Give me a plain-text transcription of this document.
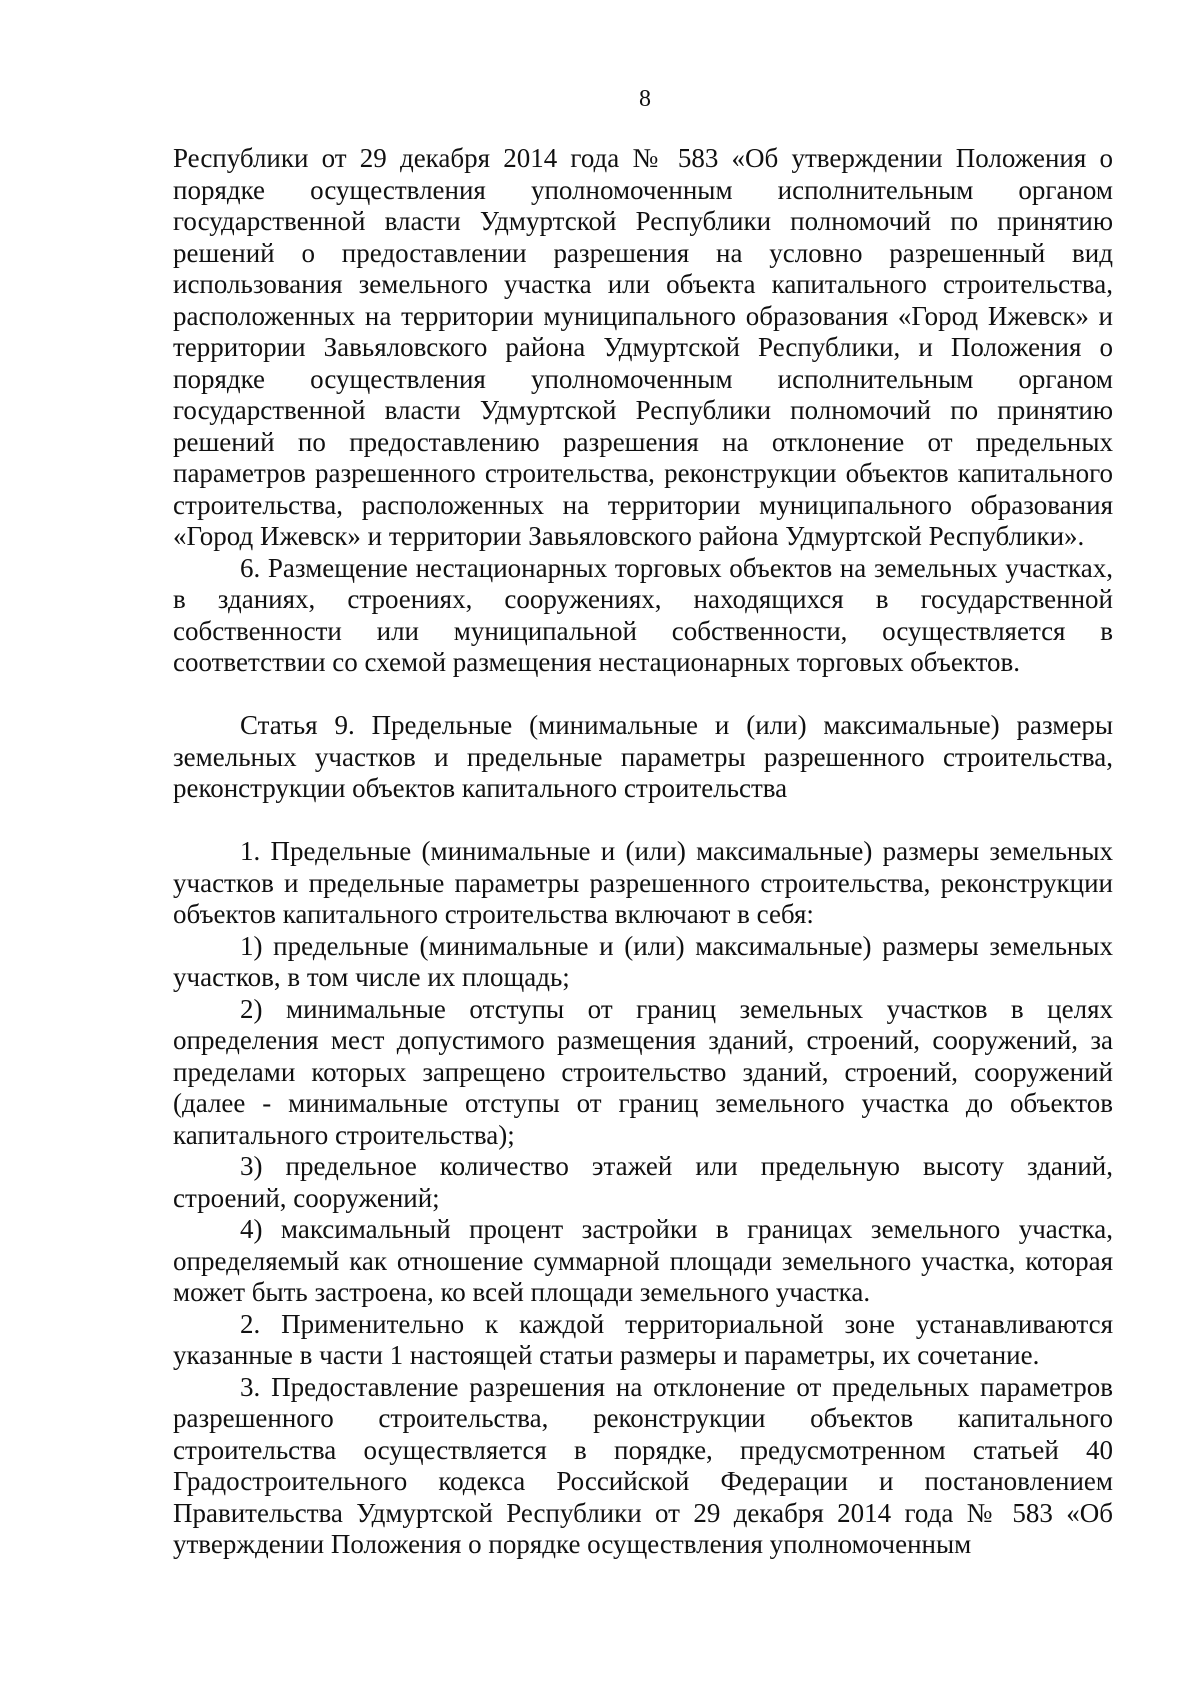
8

Республики от 29 декабря 2014 года № 583 «Об утверждении Положения о порядке осуществления уполномоченным исполнительным органом государственной власти Удмуртской Республики полномочий по принятию решений о предоставлении разрешения на условно разрешенный вид использования земельного участка или объекта капитального строительства, расположенных на территории муниципального образования «Город Ижевск» и территории Завьяловского района Удмуртской Республики, и Положения о порядке осуществления уполномоченным исполнительным органом государственной власти Удмуртской Республики полномочий по принятию решений по предоставлению разрешения на отклонение от предельных параметров разрешенного строительства, реконструкции объектов капитального строительства, расположенных на территории муниципального образования «Город Ижевск» и территории Завьяловского района Удмуртской Республики».

6. Размещение нестационарных торговых объектов на земельных участках, в зданиях, строениях, сооружениях, находящихся в государственной собственности или муниципальной собственности, осуществляется в соответствии со схемой размещения нестационарных торговых объектов.

Статья 9. Предельные (минимальные и (или) максимальные) размеры земельных участков и предельные параметры разрешенного строительства, реконструкции объектов капитального строительства

1. Предельные (минимальные и (или) максимальные) размеры земельных участков и предельные параметры разрешенного строительства, реконструкции объектов капитального строительства включают в себя:

1) предельные (минимальные и (или) максимальные) размеры земельных участков, в том числе их площадь;

2) минимальные отступы от границ земельных участков в целях определения мест допустимого размещения зданий, строений, сооружений, за пределами которых запрещено строительство зданий, строений, сооружений (далее - минимальные отступы от границ земельного участка до объектов капитального строительства);

3) предельное количество этажей или предельную высоту зданий, строений, сооружений;

4) максимальный процент застройки в границах земельного участка, определяемый как отношение суммарной площади земельного участка, которая может быть застроена, ко всей площади земельного участка.

2. Применительно к каждой территориальной зоне устанавливаются указанные в части 1 настоящей статьи размеры и параметры, их сочетание.

3. Предоставление разрешения на отклонение от предельных параметров разрешенного строительства, реконструкции объектов капитального строительства осуществляется в порядке, предусмотренном статьей 40 Градостроительного кодекса Российской Федерации и постановлением Правительства Удмуртской Республики от 29 декабря 2014 года № 583 «Об утверждении Положения о порядке осуществления уполномоченным
